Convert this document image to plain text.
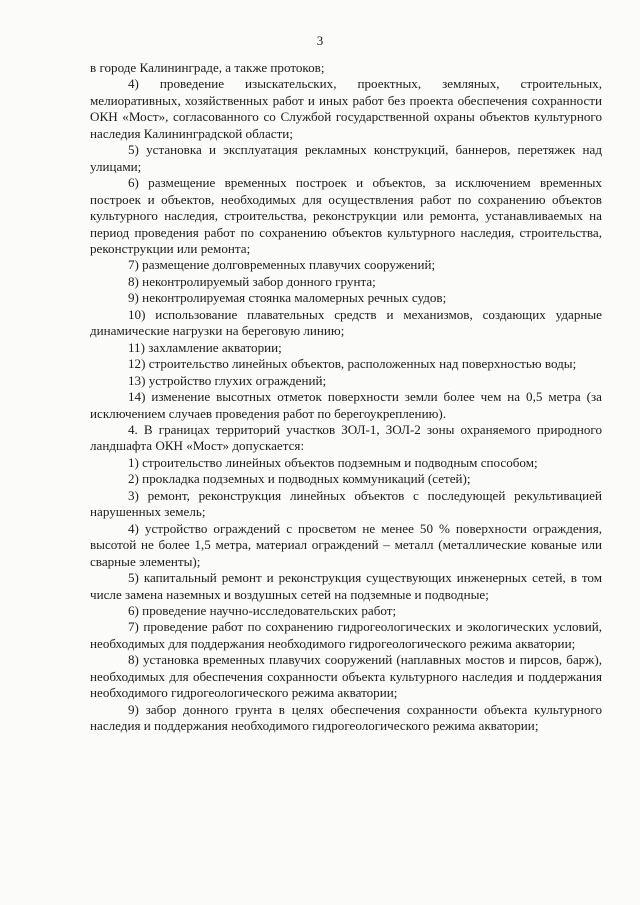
3

в городе Калининграде, а также протоков;

4) проведение изыскательских, проектных, земляных, строительных, мелиоративных, хозяйственных работ и иных работ без проекта обеспечения сохранности ОКН «Мост», согласованного со Службой государственной охраны объектов культурного наследия Калининградской области;

5) установка и эксплуатация рекламных конструкций, баннеров, перетяжек над улицами;

6) размещение временных построек и объектов, за исключением временных построек и объектов, необходимых для осуществления работ по сохранению объектов культурного наследия, строительства, реконструкции или ремонта, устанавливаемых на период проведения работ по сохранению объектов культурного наследия, строительства, реконструкции или ремонта;

7) размещение долговременных плавучих сооружений;

8) неконтролируемый забор донного грунта;

9) неконтролируемая стоянка маломерных речных судов;

10) использование плавательных средств и механизмов, создающих ударные динамические нагрузки на береговую линию;

11) захламление акватории;

12) строительство линейных объектов, расположенных над поверхностью воды;

13) устройство глухих ограждений;

14) изменение высотных отметок поверхности земли более чем на 0,5 метра (за исключением случаев проведения работ по берегоукреплению).

4. В границах территорий участков ЗОЛ-1, ЗОЛ-2 зоны охраняемого природного ландшафта ОКН «Мост» допускается:

1) строительство линейных объектов подземным и подводным способом;

2) прокладка подземных и подводных коммуникаций (сетей);

3) ремонт, реконструкция линейных объектов с последующей рекультивацией нарушенных земель;

4) устройство ограждений с просветом не менее 50 % поверхности ограждения, высотой не более 1,5 метра, материал ограждений – металл (металлические кованые или сварные элементы);

5) капитальный ремонт и реконструкция существующих инженерных сетей, в том числе замена наземных и воздушных сетей на подземные и подводные;

6) проведение научно-исследовательских работ;

7) проведение работ по сохранению гидрогеологических и экологических условий, необходимых для поддержания необходимого гидрогеологического режима акватории;

8) установка временных плавучих сооружений (наплавных мостов и пирсов, барж), необходимых для обеспечения сохранности объекта культурного наследия и поддержания необходимого гидрогеологического режима акватории;

9) забор донного грунта в целях обеспечения сохранности объекта культурного наследия и поддержания необходимого гидрогеологического режима акватории;
